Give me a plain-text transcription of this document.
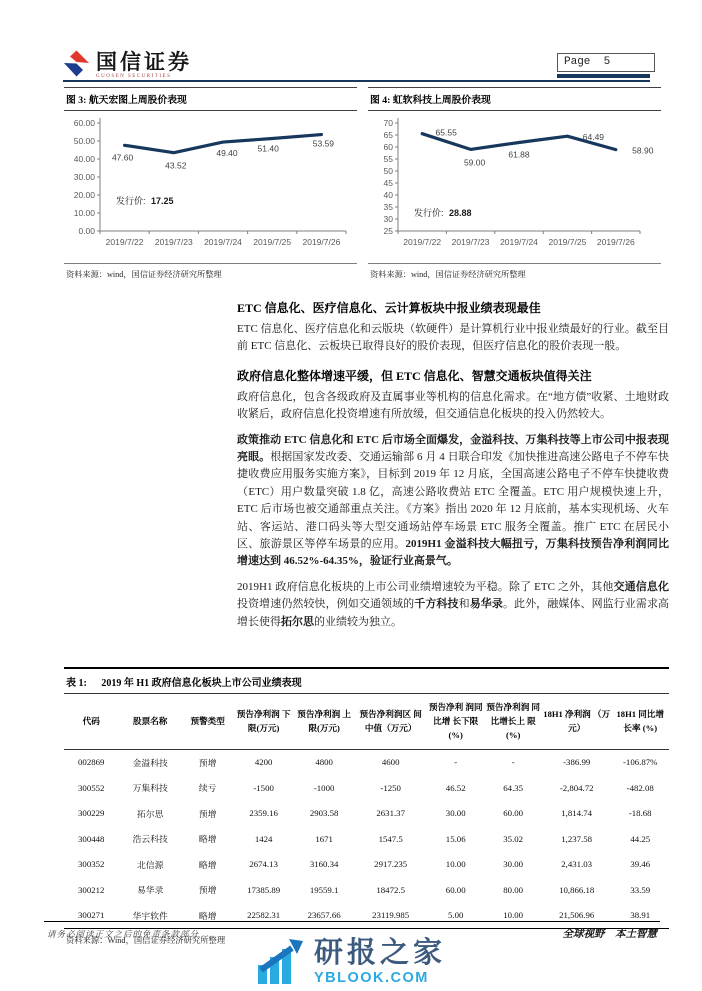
国信证券
GUOSEN SECURITIES
Page  5
图 3: 航天宏图上周股价表现
0.00
10.00
20.00
30.00
40.00
50.00
60.00
2019/7/22 2019/7/23 2019/7/24 2019/7/25 2019/7/26
47.60
43.52
49.40 51.40	53.59
发行价: 17.25
资料来源：wind，国信证券经济研究所整理
图 4: 虹软科技上周股价表现
25
30
35
40
45
50
55
60
65
70
2019/7/22 2019/7/23 2019/7/24 2019/7/25 2019/7/26
65.55
59.00
61.88
64.49
58.90
发行价: 28.88
资料来源：wind，国信证券经济研究所整理
ETC 信息化、医疗信息化、云计算板块中报业绩表现最佳

ETC 信息化、医疗信息化和云版块（软硬件）是计算机行业中报业绩最好的行业。截至目前 ETC 信息化、云板块已取得良好的股价表现，但医疗信息化的股价表现一般。

政府信息化整体增速平缓，但 ETC 信息化、智慧交通板块值得关注

政府信息化，包含各级政府及直属事业等机构的信息化需求。在“地方债”收紧、土地财政收紧后，政府信息化投资增速有所放缓，但交通信息化板块的投入仍然较大。

政策推动 ETC 信息化和 ETC 后市场全面爆发，金溢科技、万集科技等上市公司中报表现亮眼。根据国家发改委、交通运输部 6 月 4 日联合印发《加快推进高速公路电子不停车快捷收费应用服务实施方案》，目标到 2019 年 12 月底，全国高速公路电子不停车快捷收费（ETC）用户数量突破 1.8 亿，高速公路收费站 ETC 全覆盖。ETC 用户规模快速上升，ETC 后市场也被交通部重点关注。《方案》指出 2020 年 12 月底前，基本实现机场、火车站、客运站、港口码头等大型交通场站停车场景 ETC 服务全覆盖。推广 ETC 在居民小区、旅游景区等停车场景的应用。2019H1 金溢科技大幅扭亏，万集科技预告净利润同比增速达到 46.52%-64.35%，验证行业高景气。

2019H1 政府信息化板块的上市公司业绩增速较为平稳。除了 ETC 之外，其他交通信息化投资增速仍然较快，例如交通领域的千方科技和易华录。此外，融媒体、网监行业需求高增长使得拓尔思的业绩较为独立。

表 1: 2019 年 H1 政府信息化板块上市公司业绩表现
代码	股票名称	预警类型	预告净利润 下限(万元)	预告净利润 上限(万元)	预告净利润区 间中值（万元）	预告净利 润同比增 长下限(%)	预告净利润 同比增长上 限(%)	18H1 净利润 （万元）	18H1 同比增 长率 (%)
002869	金溢科技	预增	4200	4800	4600	-	-	-386.99	-106.87%
300552	万集科技	续亏	-1500	-1000	-1250	46.52	64.35	-2,804.72	-482.08
300229	拓尔思	预增	2359.16	2903.58	2631.37	30.00	60.00	1,814.74	-18.68
300448	浩云科技	略增	1424	1671	1547.5	15.06	35.02	1,237.58	44.25
300352	北信源	略增	2674.13	3160.34	2917.235	10.00	30.00	2,431.03	39.46
300212	易华录	预增	17385.89	19559.1	18472.5	60.00	80.00	10,866.18	33.59
300271	华宇软件	略增	22582.31	23657.66	23119.985	5.00	10.00	21,506.96	38.91
资料来源：Wind，国信证券经济研究所整理
请务必阅读正文之后的免责条款部分	全球视野　本土智慧
研报之家
YBLOOK.COM
